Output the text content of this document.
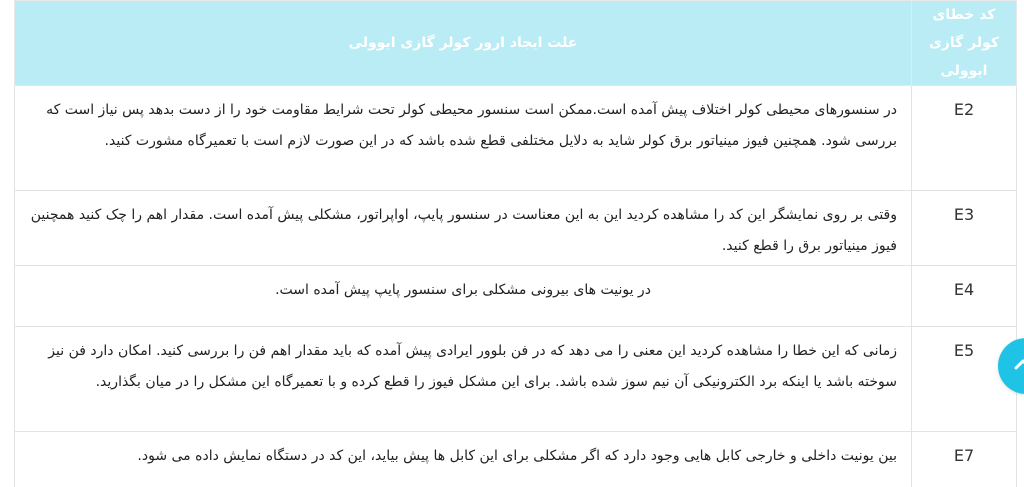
کد خطای کولر گازی ایوولی	علت ایجاد ارور کولر گازی ایوولی
E2	در سنسورهای محیطی کولر اختلاف پیش آمده است.ممکن است سنسور محیطی کولر تحت شرایط مقاومت خود را از دست بدهد پس نیاز است که بررسی شود. همچنین فیوز مینیاتور برق کولر شاید به دلایل مختلفی قطع شده باشد که در این صورت لازم است با تعمیرگاه مشورت کنید.
E3	وقتی بر روی نمایشگر این کد را مشاهده کردید این به این معناست در سنسور پایپ، اواپراتور، مشکلی پیش آمده است. مقدار اهم را چک کنید همچنین فیوز مینیاتور برق را قطع کنید.
E4	در یونیت های بیرونی مشکلی برای سنسور پایپ پیش آمده است.
E5	زمانی که این خطا را مشاهده کردید این معنی را می دهد که در فن بلوور ایرادی پیش آمده که باید مقدار اهم فن را بررسی کنید. امکان دارد فن نیز سوخته باشد یا اینکه برد الکترونیکی آن نیم سوز شده باشد. برای این مشکل فیوز را قطع کرده و با تعمیرگاه این مشکل را در میان بگذارید.
E7	بین یونیت داخلی و خارجی کابل هایی وجود دارد که اگر مشکلی برای این کابل ها پیش بیاید، این کد در دستگاه نمایش داده می شود.
